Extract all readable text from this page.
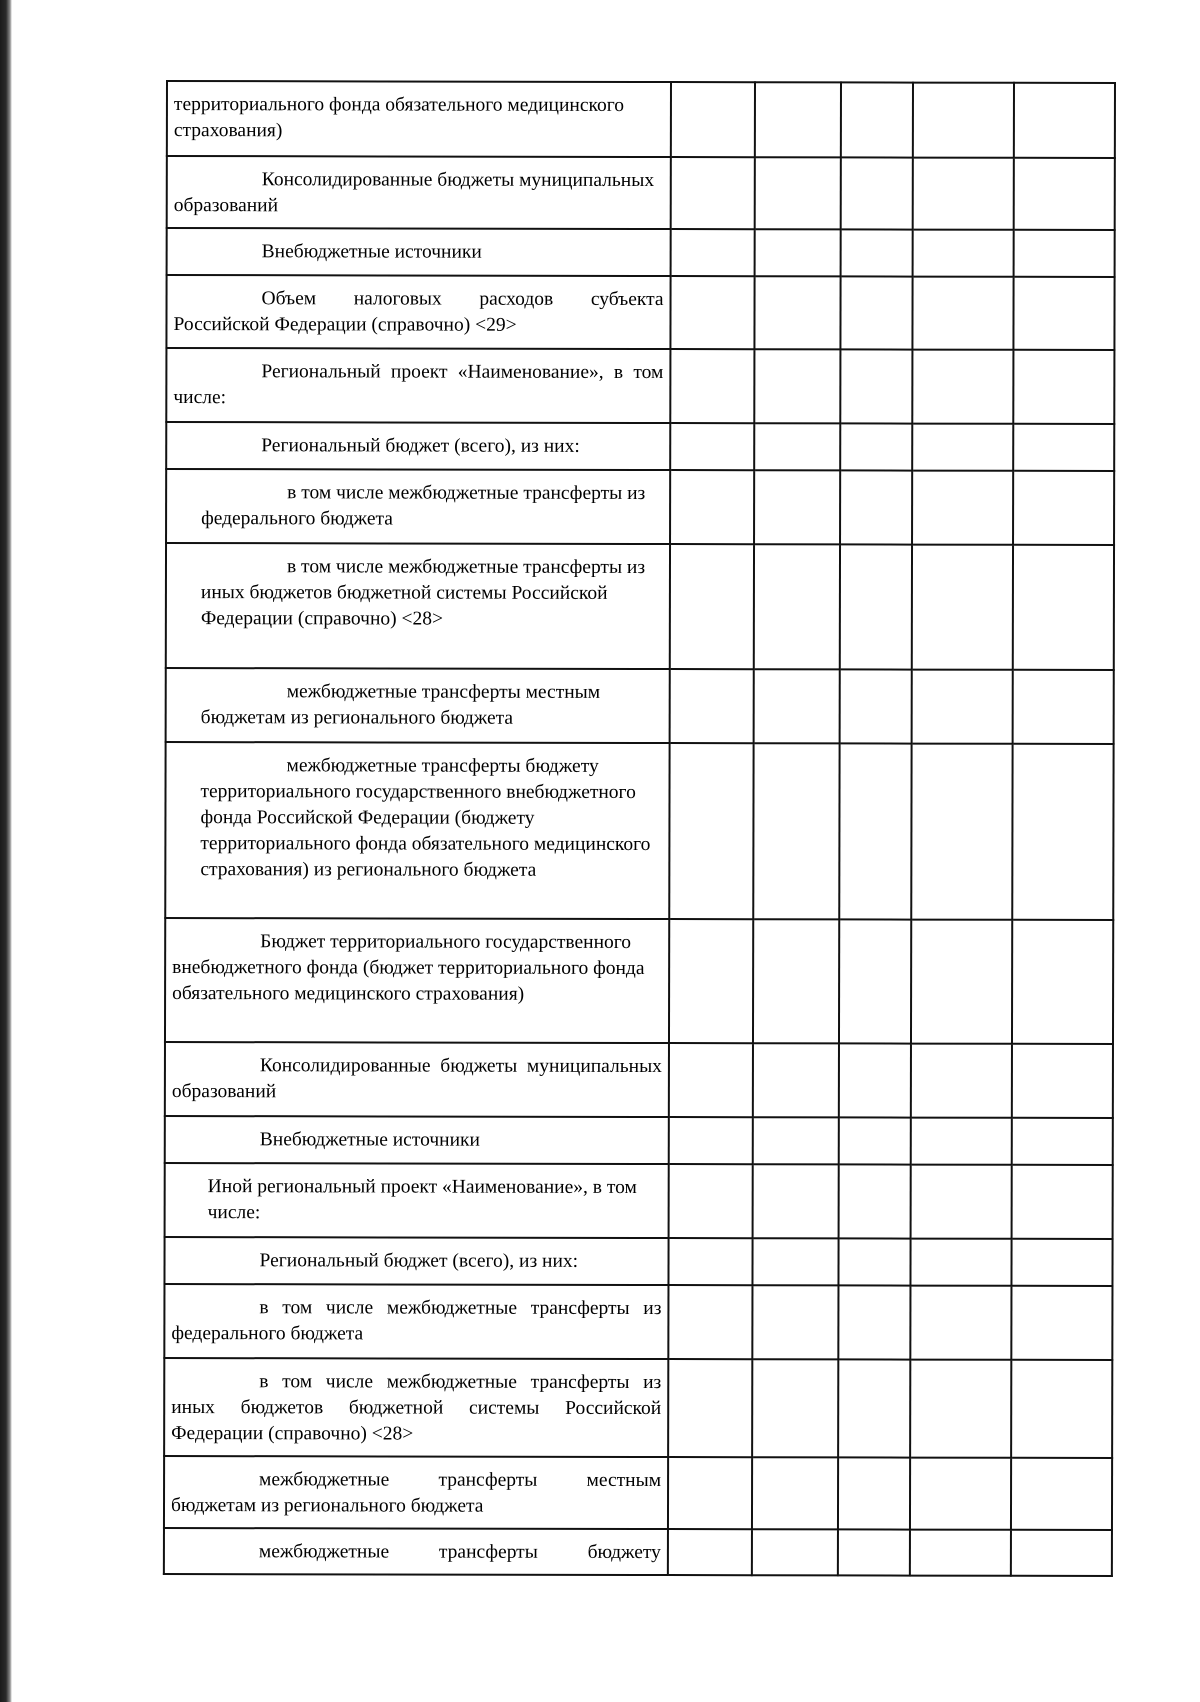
территориального фонда обязательного медицинского страхования)					

Консолидированные бюджеты муниципальных образований					

Внебюджетные источники					

Объем налоговых расходов субъекта Российской Федерации (справочно) <29>					

Региональный проект «Наименование», в том числе:					

Региональный бюджет (всего), из них:					

в том числе межбюджетные трансферты из федерального бюджета					

в том числе межбюджетные трансферты из иных бюджетов бюджетной системы Российской Федерации (справочно) <28>					

межбюджетные трансферты местным бюджетам из регионального бюджета					

межбюджетные трансферты бюджету территориального государственного внебюджетного фонда Российской Федерации (бюджету территориального фонда обязательного медицинского страхования) из регионального бюджета					

Бюджет территориального государственного внебюджетного фонда (бюджет территориального фонда обязательного медицинского страхования)					

Консолидированные бюджеты муниципальных образований					

Внебюджетные источники					

Иной региональный проект «Наименование», в том числе:					

Региональный бюджет (всего), из них:					

в том числе межбюджетные трансферты из федерального бюджета					

в том числе межбюджетные трансферты из иных бюджетов бюджетной системы Российской Федерации (справочно) <28>					

межбюджетные трансферты местным бюджетам из регионального бюджета					

межбюджетные трансферты бюджету					
